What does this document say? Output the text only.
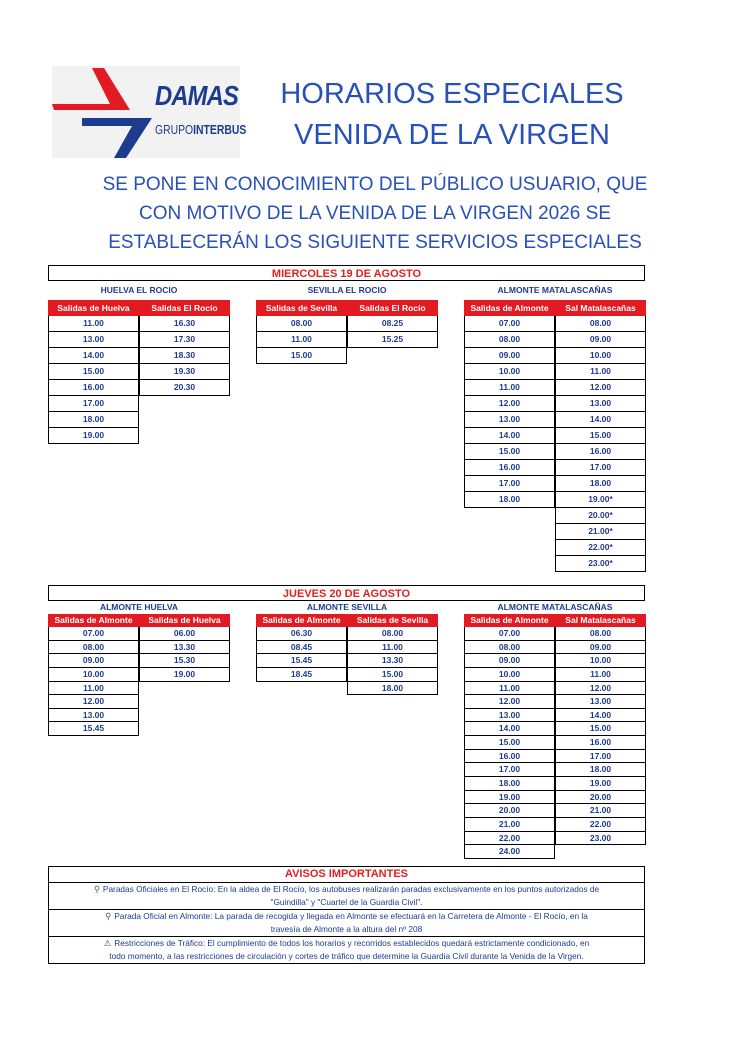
DAMAS
GRUPOINTERBUS
HORARIOS ESPECIALES
VENIDA DE LA VIRGEN
SE PONE EN CONOCIMIENTO DEL PÚBLICO USUARIO, QUE
CON MOTIVO DE LA VENIDA DE LA VIRGEN 2026 SE
ESTABLECERÁN LOS SIGUIENTE SERVICIOS ESPECIALES
MIERCOLES 19 DE AGOSTO
HUELVA EL ROCIO
Salidas de Huelva
11.00
13.00
14.00
15.00
16.00
17.00
18.00
19.00
Salidas El Rocío
16.30
17.30
18.30
19.30
20.30
SEVILLA EL ROCIO
Salidas de Sevilla
08.00
11.00
15.00
Salidas El Rocío
08.25
15.25
ALMONTE MATALASCAÑAS
Salidas de Almonte
07.00
08.00
09.00
10.00
11.00
12.00
13.00
14.00
15.00
16.00
17.00
18.00
Sal Matalascañas
08.00
09.00
10.00
11.00
12.00
13.00
14.00
15.00
16.00
17.00
18.00
19.00*
20.00*
21.00*
22.00*
23.00*
JUEVES 20 DE AGOSTO
ALMONTE HUELVA
Salidas de Almonte
07.00
08.00
09.00
10.00
11.00
12.00
13.00
15.45
Salidas de Huelva
06.00
13.30
15.30
19.00
ALMONTE SEVILLA
Salidas de Almonte
06.30
08.45
15.45
18.45
Salidas de Sevilla
08.00
11.00
13.30
15.00
18.00
ALMONTE MATALASCAÑAS
Salidas de Almonte
07.00
08.00
09.00
10.00
11.00
12.00
13.00
14.00
15.00
16.00
17.00
18.00
19.00
20.00
21.00
22.00
24.00
Sal Matalascañas
08.00
09.00
10.00
11.00
12.00
13.00
14.00
15.00
16.00
17.00
18.00
19.00
20.00
21.00
22.00
23.00
AVISOS IMPORTANTES
⚲ Paradas Oficiales en El Rocío: En la aldea de El Rocío, los autobuses realizarán paradas exclusivamente en los puntos autorizados de
"Guindilla" y "Cuartel de la Guardia Civil".
⚲ Parada Oficial en Almonte: La parada de recogida y llegada en Almonte se efectuará en la Carretera de Almonte - El Rocío, en la
travesía de Almonte a la altura del nº 208
⚠ Restricciones de Tráfico: El cumplimiento de todos los horarios y recorridos establecidos quedará estrictamente condicionado, en
todo momento, a las restricciones de circulación y cortes de tráfico que determine la Guardia Civil durante la Venida de la Virgen.
